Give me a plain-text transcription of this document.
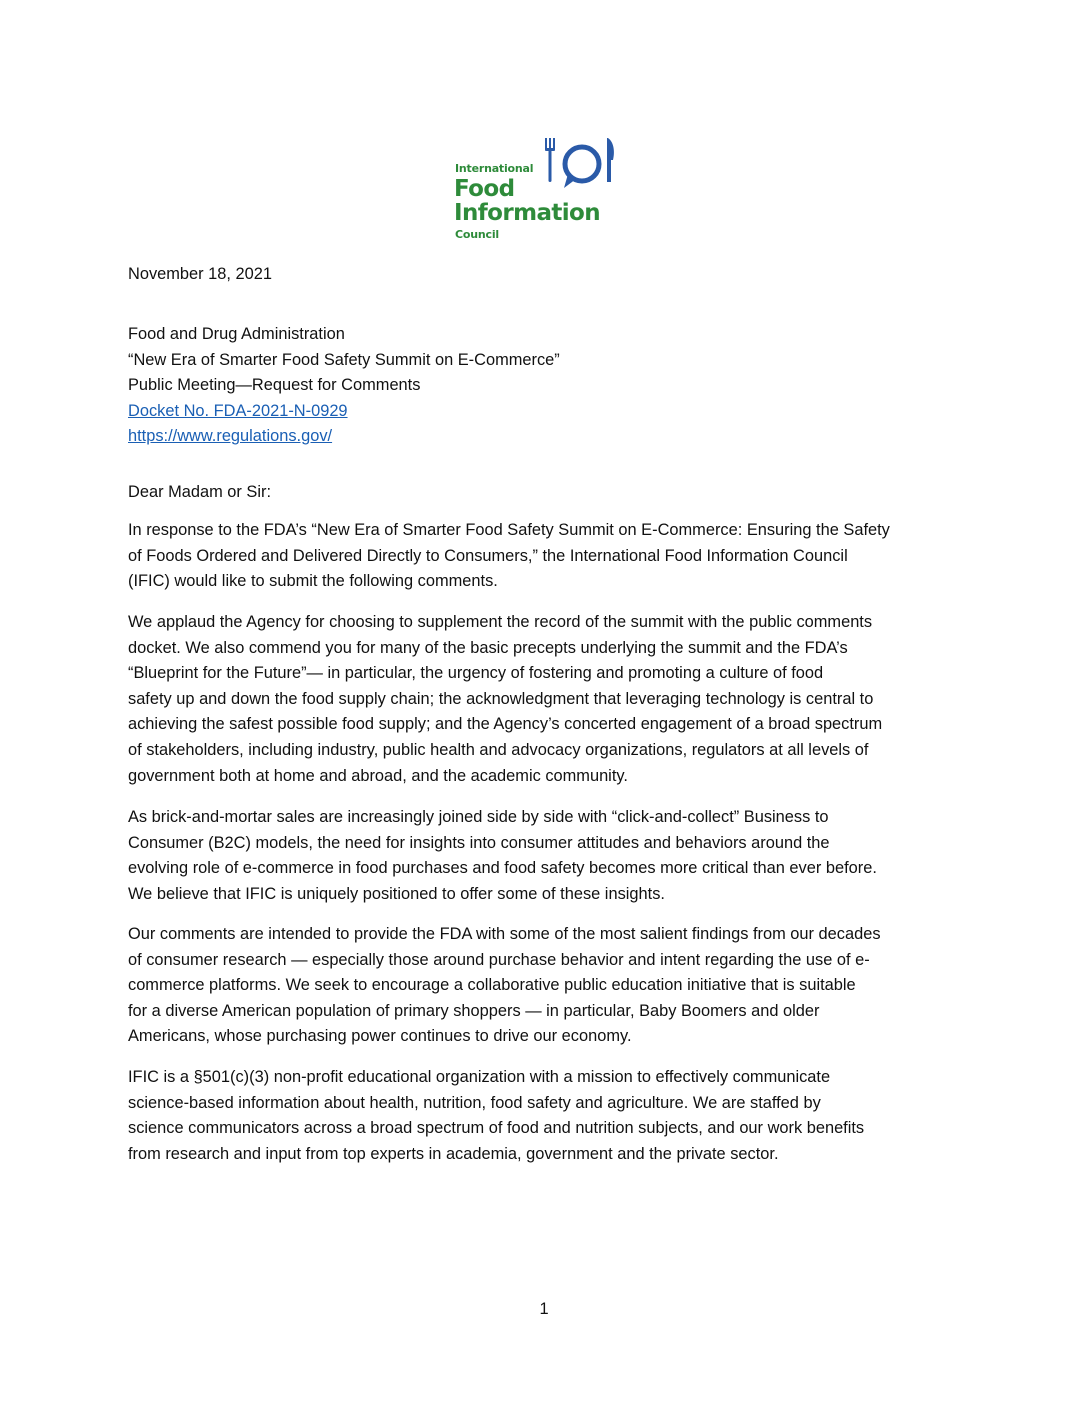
International
Food
Information
Council
November 18, 2021
Food and Drug Administration
“New Era of Smarter Food Safety Summit on E-Commerce”
Public Meeting—Request for Comments
Docket No. FDA-2021-N-0929
https://www.regulations.gov/
Dear Madam or Sir:
In response to the FDA’s “New Era of Smarter Food Safety Summit on E-Commerce: Ensuring the Safety
of Foods Ordered and Delivered Directly to Consumers,” the International Food Information Council
(IFIC) would like to submit the following comments.
We applaud the Agency for choosing to supplement the record of the summit with the public comments
docket. We also commend you for many of the basic precepts underlying the summit and the FDA’s
“Blueprint for the Future”— in particular, the urgency of fostering and promoting a culture of food
safety up and down the food supply chain; the acknowledgment that leveraging technology is central to
achieving the safest possible food supply; and the Agency’s concerted engagement of a broad spectrum
of stakeholders, including industry, public health and advocacy organizations, regulators at all levels of
government both at home and abroad, and the academic community.
As brick-and-mortar sales are increasingly joined side by side with “click-and-collect” Business to
Consumer (B2C) models, the need for insights into consumer attitudes and behaviors around the
evolving role of e-commerce in food purchases and food safety becomes more critical than ever before.
We believe that IFIC is uniquely positioned to offer some of these insights.
Our comments are intended to provide the FDA with some of the most salient findings from our decades
of consumer research — especially those around purchase behavior and intent regarding the use of e-
commerce platforms. We seek to encourage a collaborative public education initiative that is suitable
for a diverse American population of primary shoppers — in particular, Baby Boomers and older
Americans, whose purchasing power continues to drive our economy.
IFIC is a §501(c)(3) non-profit educational organization with a mission to effectively communicate
science-based information about health, nutrition, food safety and agriculture. We are staffed by
science communicators across a broad spectrum of food and nutrition subjects, and our work benefits
from research and input from top experts in academia, government and the private sector.
1
